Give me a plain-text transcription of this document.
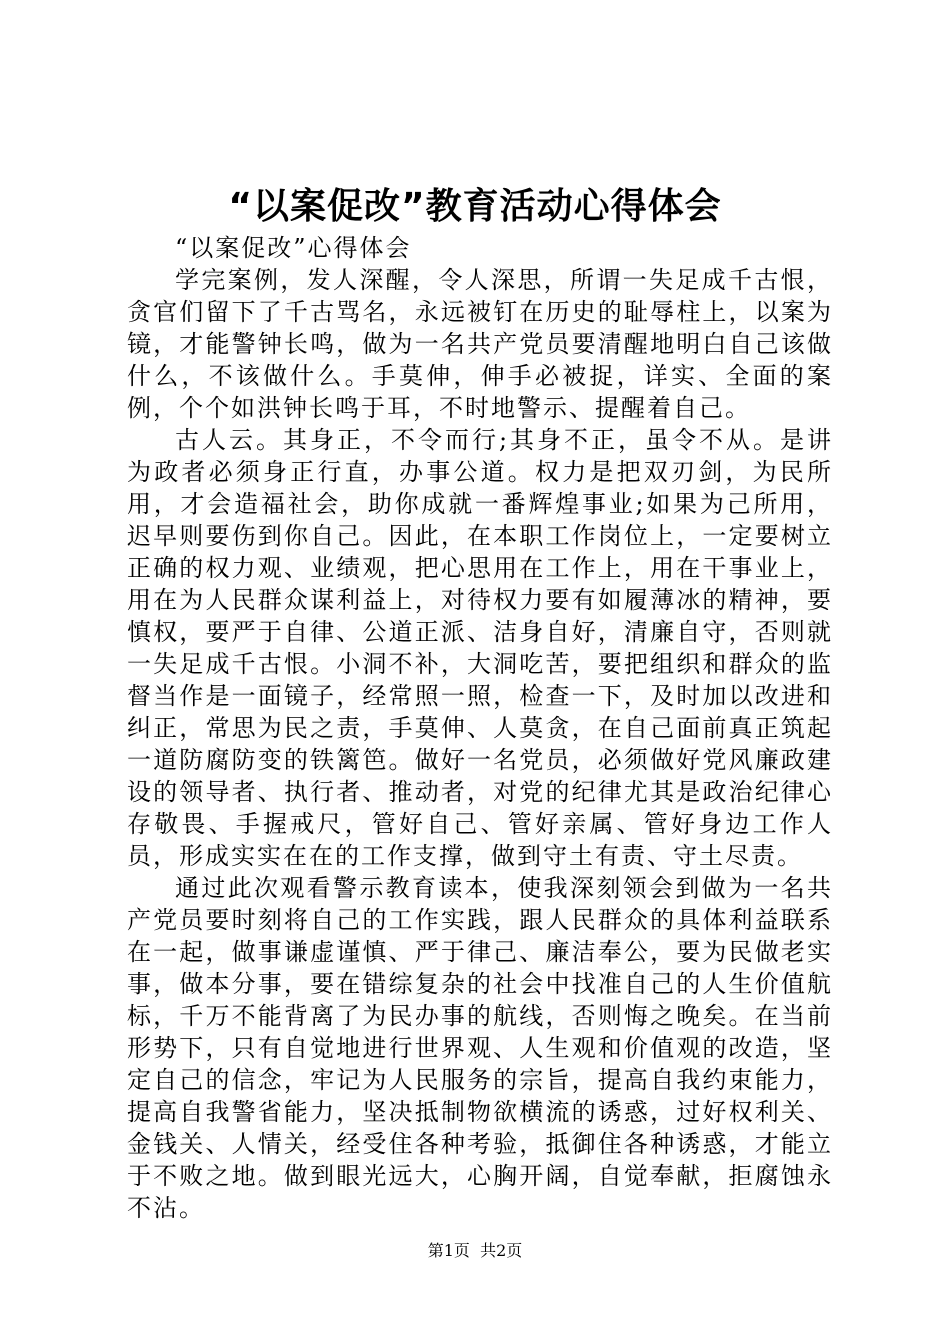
“以案促改”教育活动心得体会

“以案促改”心得体会

学完案例，发人深醒，令人深思，所谓一失足成千古恨，贪官们留下了千古骂名，永远被钉在历史的耻辱柱上，以案为镜，才能警钟长鸣，做为一名共产党员要清醒地明白自己该做什么，不该做什么。手莫伸，伸手必被捉，详实、全面的案例，个个如洪钟长鸣于耳，不时地警示、提醒着自己。

古人云。其身正，不令而行;其身不正，虽令不从。是讲为政者必须身正行直，办事公道。权力是把双刃剑，为民所用，才会造福社会，助你成就一番辉煌事业;如果为己所用，迟早则要伤到你自己。因此，在本职工作岗位上，一定要树立正确的权力观、业绩观，把心思用在工作上，用在干事业上，用在为人民群众谋利益上，对待权力要有如履薄冰的精神，要慎权，要严于自律、公道正派、洁身自好，清廉自守，否则就一失足成千古恨。小洞不补，大洞吃苦，要把组织和群众的监督当作是一面镜子，经常照一照，检查一下，及时加以改进和纠正，常思为民之责，手莫伸、人莫贪，在自己面前真正筑起一道防腐防变的铁篱笆。做好一名党员，必须做好党风廉政建设的领导者、执行者、推动者，对党的纪律尤其是政治纪律心存敬畏、手握戒尺，管好自己、管好亲属、管好身边工作人员，形成实实在在的工作支撑，做到守土有责、守土尽责。

通过此次观看警示教育读本，使我深刻领会到做为一名共产党员要时刻将自己的工作实践，跟人民群众的具体利益联系在一起，做事谦虚谨慎、严于律己、廉洁奉公，要为民做老实事，做本分事，要在错综复杂的社会中找准自己的人生价值航标，千万不能背离了为民办事的航线，否则悔之晚矣。在当前形势下，只有自觉地进行世界观、人生观和价值观的改造，坚定自己的信念，牢记为人民服务的宗旨，提高自我约束能力，提高自我警省能力，坚决抵制物欲横流的诱惑，过好权利关、金钱关、人情关，经受住各种考验，抵御住各种诱惑，才能立于不败之地。做到眼光远大，心胸开阔，自觉奉献，拒腐蚀永不沾。

第1页  共2页
